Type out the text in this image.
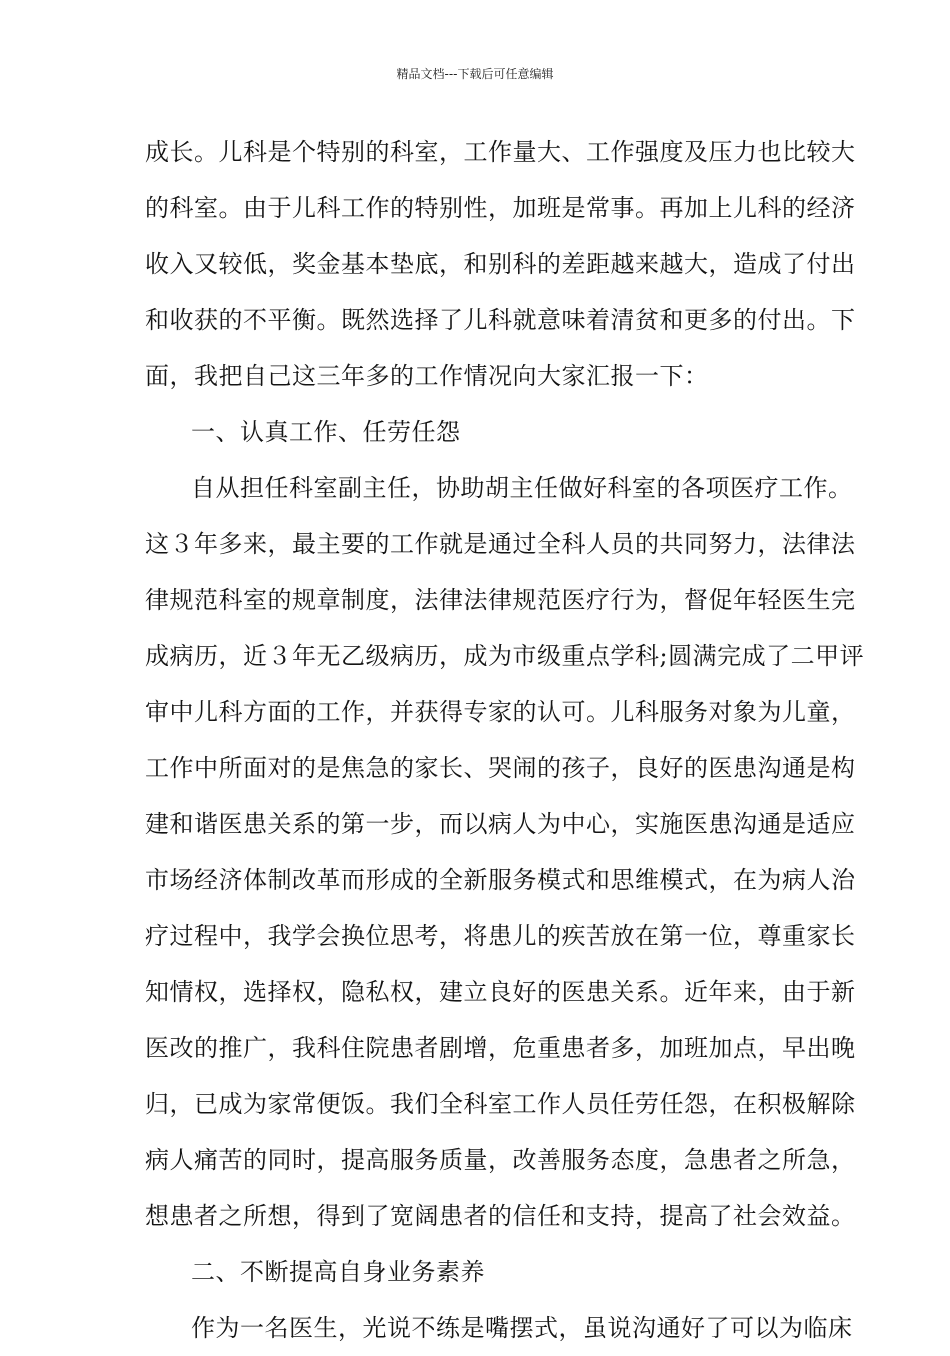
精品文档---下载后可任意编辑
成长。儿科是个特别的科室，工作量大、工作强度及压力也比较大
的科室。由于儿科工作的特别性，加班是常事。再加上儿科的经济
收入又较低，奖金基本垫底，和别科的差距越来越大，造成了付出
和收获的不平衡。既然选择了儿科就意味着清贫和更多的付出。下
面，我把自己这三年多的工作情况向大家汇报一下：
一、认真工作、任劳任怨
自从担任科室副主任，协助胡主任做好科室的各项医疗工作。
这３年多来，最主要的工作就是通过全科人员的共同努力，法律法
律规范科室的规章制度，法律法律规范医疗行为，督促年轻医生完
成病历，近３年无乙级病历，成为市级重点学科;圆满完成了二甲评
审中儿科方面的工作，并获得专家的认可。儿科服务对象为儿童，
工作中所面对的是焦急的家长、哭闹的孩子，良好的医患沟通是构
建和谐医患关系的第一步，而以病人为中心，实施医患沟通是适应
市场经济体制改革而形成的全新服务模式和思维模式，在为病人治
疗过程中，我学会换位思考，将患儿的疾苦放在第一位，尊重家长
知情权，选择权，隐私权，建立良好的医患关系。近年来，由于新
医改的推广，我科住院患者剧增，危重患者多，加班加点，早出晚
归，已成为家常便饭。我们全科室工作人员任劳任怨，在积极解除
病人痛苦的同时，提高服务质量，改善服务态度，急患者之所急，
想患者之所想，得到了宽阔患者的信任和支持，提高了社会效益。
二、不断提高自身业务素养
作为一名医生，光说不练是嘴摆式，虽说沟通好了可以为临床
